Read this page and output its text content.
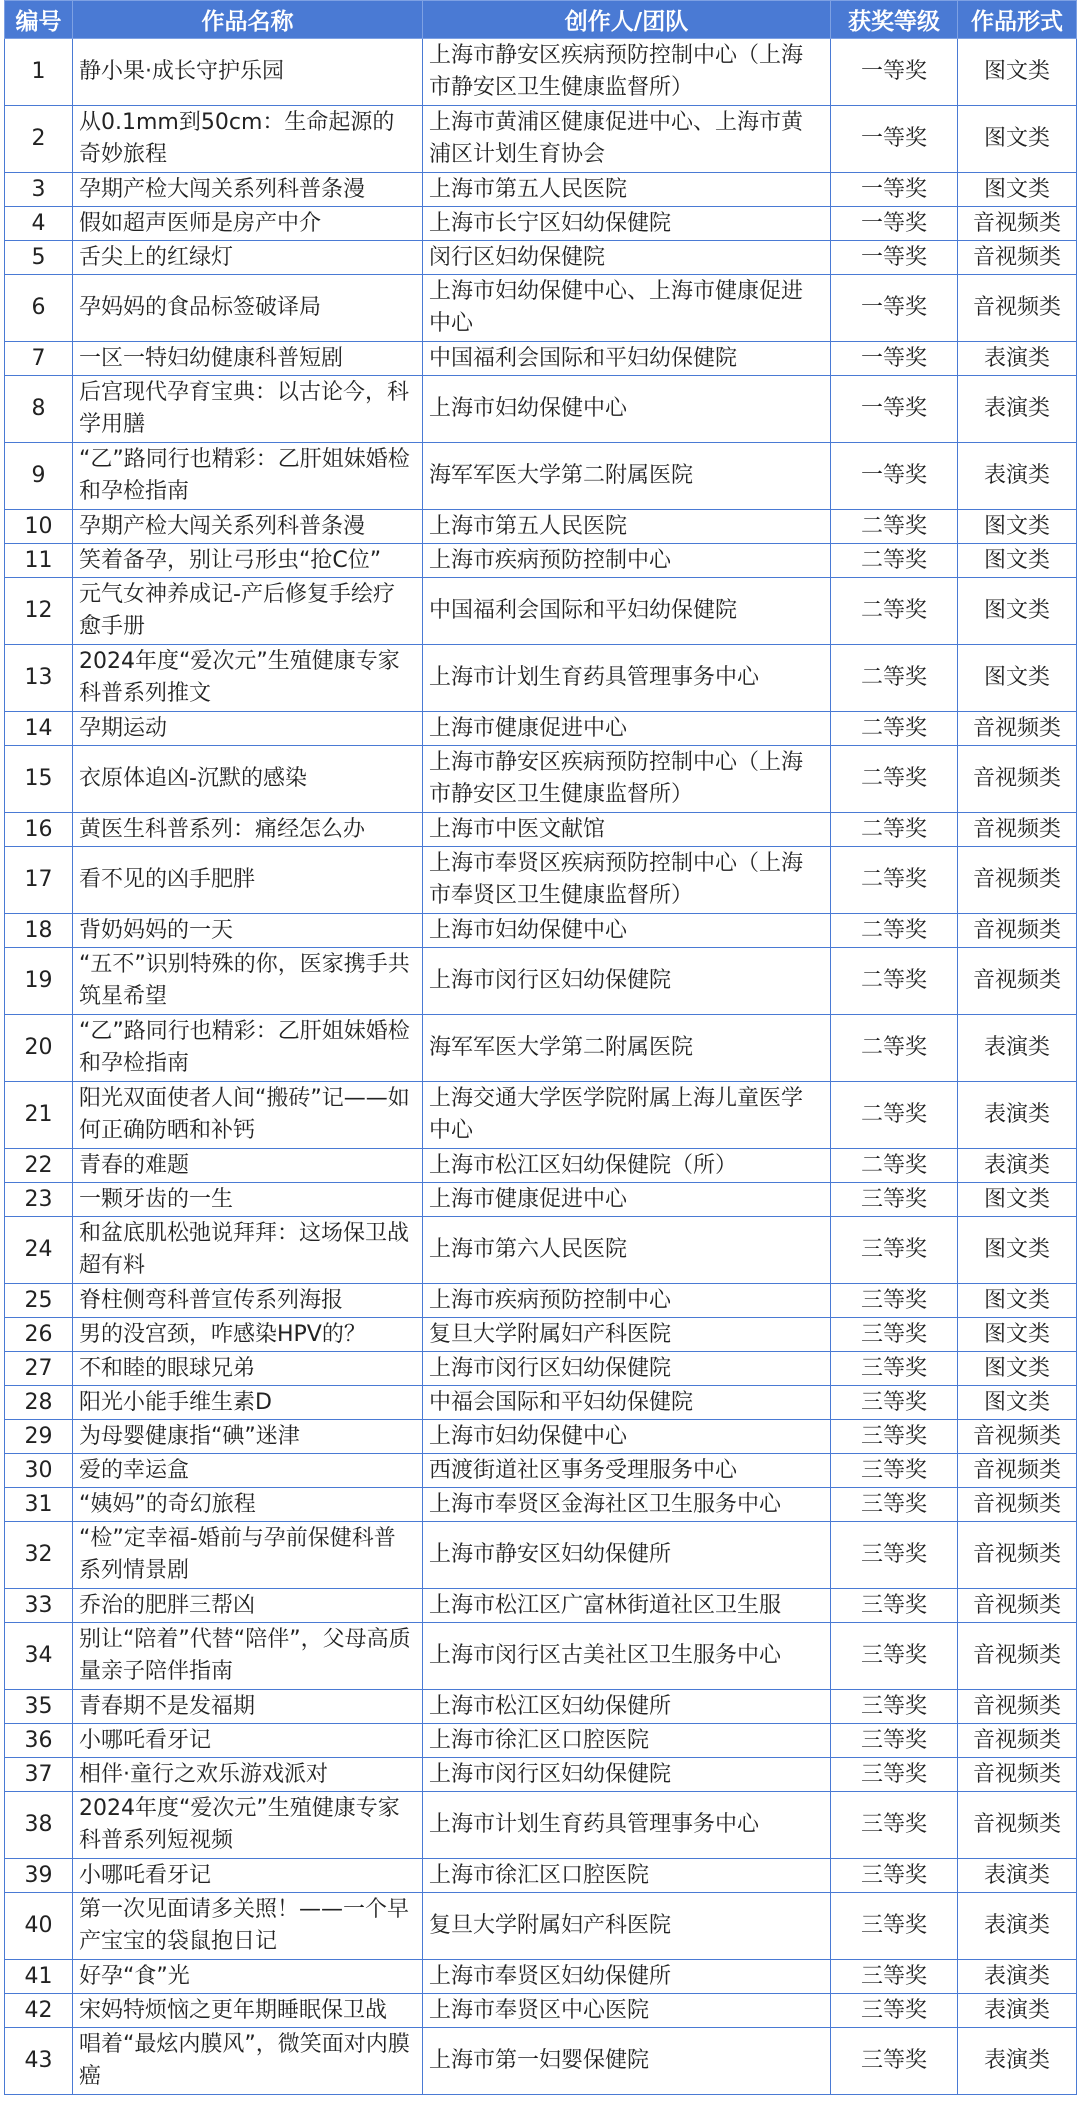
编号	作品名称	创作人/团队	获奖等级	作品形式
1	静小果·成长守护乐园	上海市静安区疾病预防控制中心（上海市静安区卫生健康监督所）	一等奖	图文类
2	从0.1mm到50cm：生命起源的奇妙旅程	上海市黄浦区健康促进中心、上海市黄浦区计划生育协会	一等奖	图文类
3	孕期产检大闯关系列科普条漫	上海市第五人民医院	一等奖	图文类
4	假如超声医师是房产中介	上海市长宁区妇幼保健院	一等奖	音视频类
5	舌尖上的红绿灯	闵行区妇幼保健院	一等奖	音视频类
6	孕妈妈的食品标签破译局	上海市妇幼保健中心、上海市健康促进中心	一等奖	音视频类
7	一区一特妇幼健康科普短剧	中国福利会国际和平妇幼保健院	一等奖	表演类
8	后宫现代孕育宝典：以古论今，科学用膳	上海市妇幼保健中心	一等奖	表演类
9	“乙”路同行也精彩：乙肝姐妹婚检和孕检指南	海军军医大学第二附属医院	一等奖	表演类
10	孕期产检大闯关系列科普条漫	上海市第五人民医院	二等奖	图文类
11	笑着备孕，别让弓形虫“抢C位”	上海市疾病预防控制中心	二等奖	图文类
12	元气女神养成记-产后修复手绘疗愈手册	中国福利会国际和平妇幼保健院	二等奖	图文类
13	2024年度“爱次元”生殖健康专家科普系列推文	上海市计划生育药具管理事务中心	二等奖	图文类
14	孕期运动	上海市健康促进中心	二等奖	音视频类
15	衣原体追凶-沉默的感染	上海市静安区疾病预防控制中心（上海市静安区卫生健康监督所）	二等奖	音视频类
16	黄医生科普系列：痛经怎么办	上海市中医文献馆	二等奖	音视频类
17	看不见的凶手肥胖	上海市奉贤区疾病预防控制中心（上海市奉贤区卫生健康监督所）	二等奖	音视频类
18	背奶妈妈的一天	上海市妇幼保健中心	二等奖	音视频类
19	“五不”识别特殊的你，医家携手共筑星希望	上海市闵行区妇幼保健院	二等奖	音视频类
20	“乙”路同行也精彩：乙肝姐妹婚检和孕检指南	海军军医大学第二附属医院	二等奖	表演类
21	阳光双面使者人间“搬砖”记——如何正确防晒和补钙	上海交通大学医学院附属上海儿童医学中心	二等奖	表演类
22	青春的难题	上海市松江区妇幼保健院（所）	二等奖	表演类
23	一颗牙齿的一生	上海市健康促进中心	三等奖	图文类
24	和盆底肌松弛说拜拜：这场保卫战超有料	上海市第六人民医院	三等奖	图文类
25	脊柱侧弯科普宣传系列海报	上海市疾病预防控制中心	三等奖	图文类
26	男的没宫颈，咋感染HPV的？	复旦大学附属妇产科医院	三等奖	图文类
27	不和睦的眼球兄弟	上海市闵行区妇幼保健院	三等奖	图文类
28	阳光小能手维生素D	中福会国际和平妇幼保健院	三等奖	图文类
29	为母婴健康指“碘”迷津	上海市妇幼保健中心	三等奖	音视频类
30	爱的幸运盒	西渡街道社区事务受理服务中心	三等奖	音视频类
31	“姨妈”的奇幻旅程	上海市奉贤区金海社区卫生服务中心	三等奖	音视频类
32	“检”定幸福-婚前与孕前保健科普系列情景剧	上海市静安区妇幼保健所	三等奖	音视频类
33	乔治的肥胖三帮凶	上海市松江区广富林街道社区卫生服	三等奖	音视频类
34	别让“陪着”代替“陪伴”，父母高质量亲子陪伴指南	上海市闵行区古美社区卫生服务中心	三等奖	音视频类
35	青春期不是发福期	上海市松江区妇幼保健所	三等奖	音视频类
36	小哪吒看牙记	上海市徐汇区口腔医院	三等奖	音视频类
37	相伴·童行之欢乐游戏派对	上海市闵行区妇幼保健院	三等奖	音视频类
38	2024年度“爱次元”生殖健康专家科普系列短视频	上海市计划生育药具管理事务中心	三等奖	音视频类
39	小哪吒看牙记	上海市徐汇区口腔医院	三等奖	表演类
40	第一次见面请多关照！——一个早产宝宝的袋鼠抱日记	复旦大学附属妇产科医院	三等奖	表演类
41	好孕“食”光	上海市奉贤区妇幼保健所	三等奖	表演类
42	宋妈特烦恼之更年期睡眠保卫战	上海市奉贤区中心医院	三等奖	表演类
43	唱着“最炫内膜风”，微笑面对内膜癌	上海市第一妇婴保健院	三等奖	表演类
